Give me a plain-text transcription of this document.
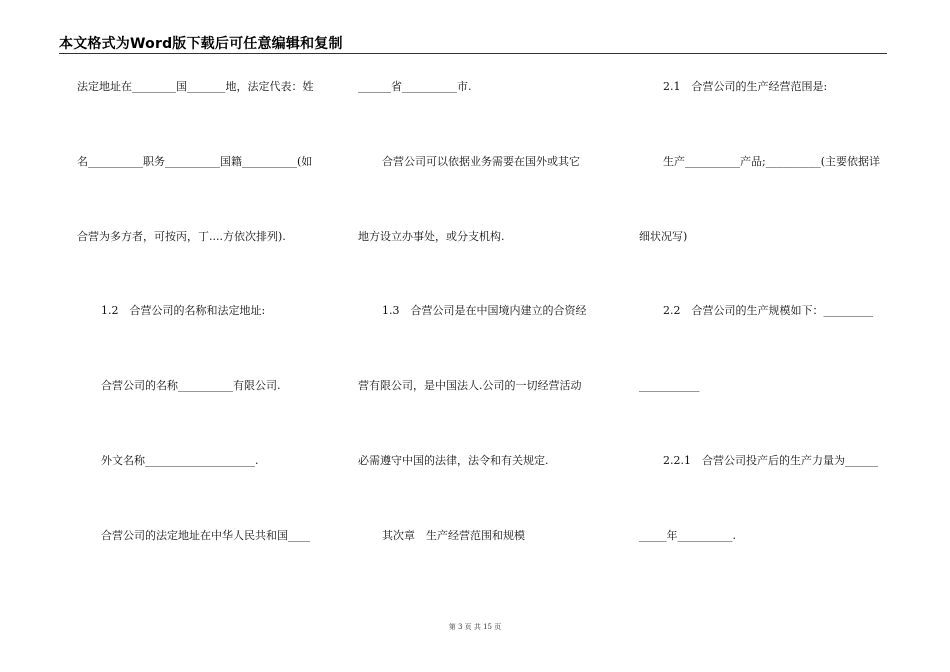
本文格式为Word版下载后可任意编辑和复制
法定地址在________国_______地，法定代表：姓
名__________职务__________国籍__________(如
合营为多方者，可按丙，丁....方依次排列).
1.2　合营公司的名称和法定地址:
合营公司的名称__________有限公司.
外文名称____________________.
合营公司的法定地址在中华人民共和国____
______省__________市.
合营公司可以依据业务需要在国外或其它
地方设立办事处，或分支机构.
1.3　合营公司是在中国境内建立的合资经
营有限公司，是中国法人.公司的一切经营活动
必需遵守中国的法律，法令和有关规定.
其次章　生产经营范围和规模
2.1　合营公司的生产经营范围是:
生产__________产品;__________(主要依据详
细状况写)
2.2　合营公司的生产规模如下：_________
___________
2.2.1　合营公司投产后的生产力量为______
_____年__________.
第 3 页 共 15 页
